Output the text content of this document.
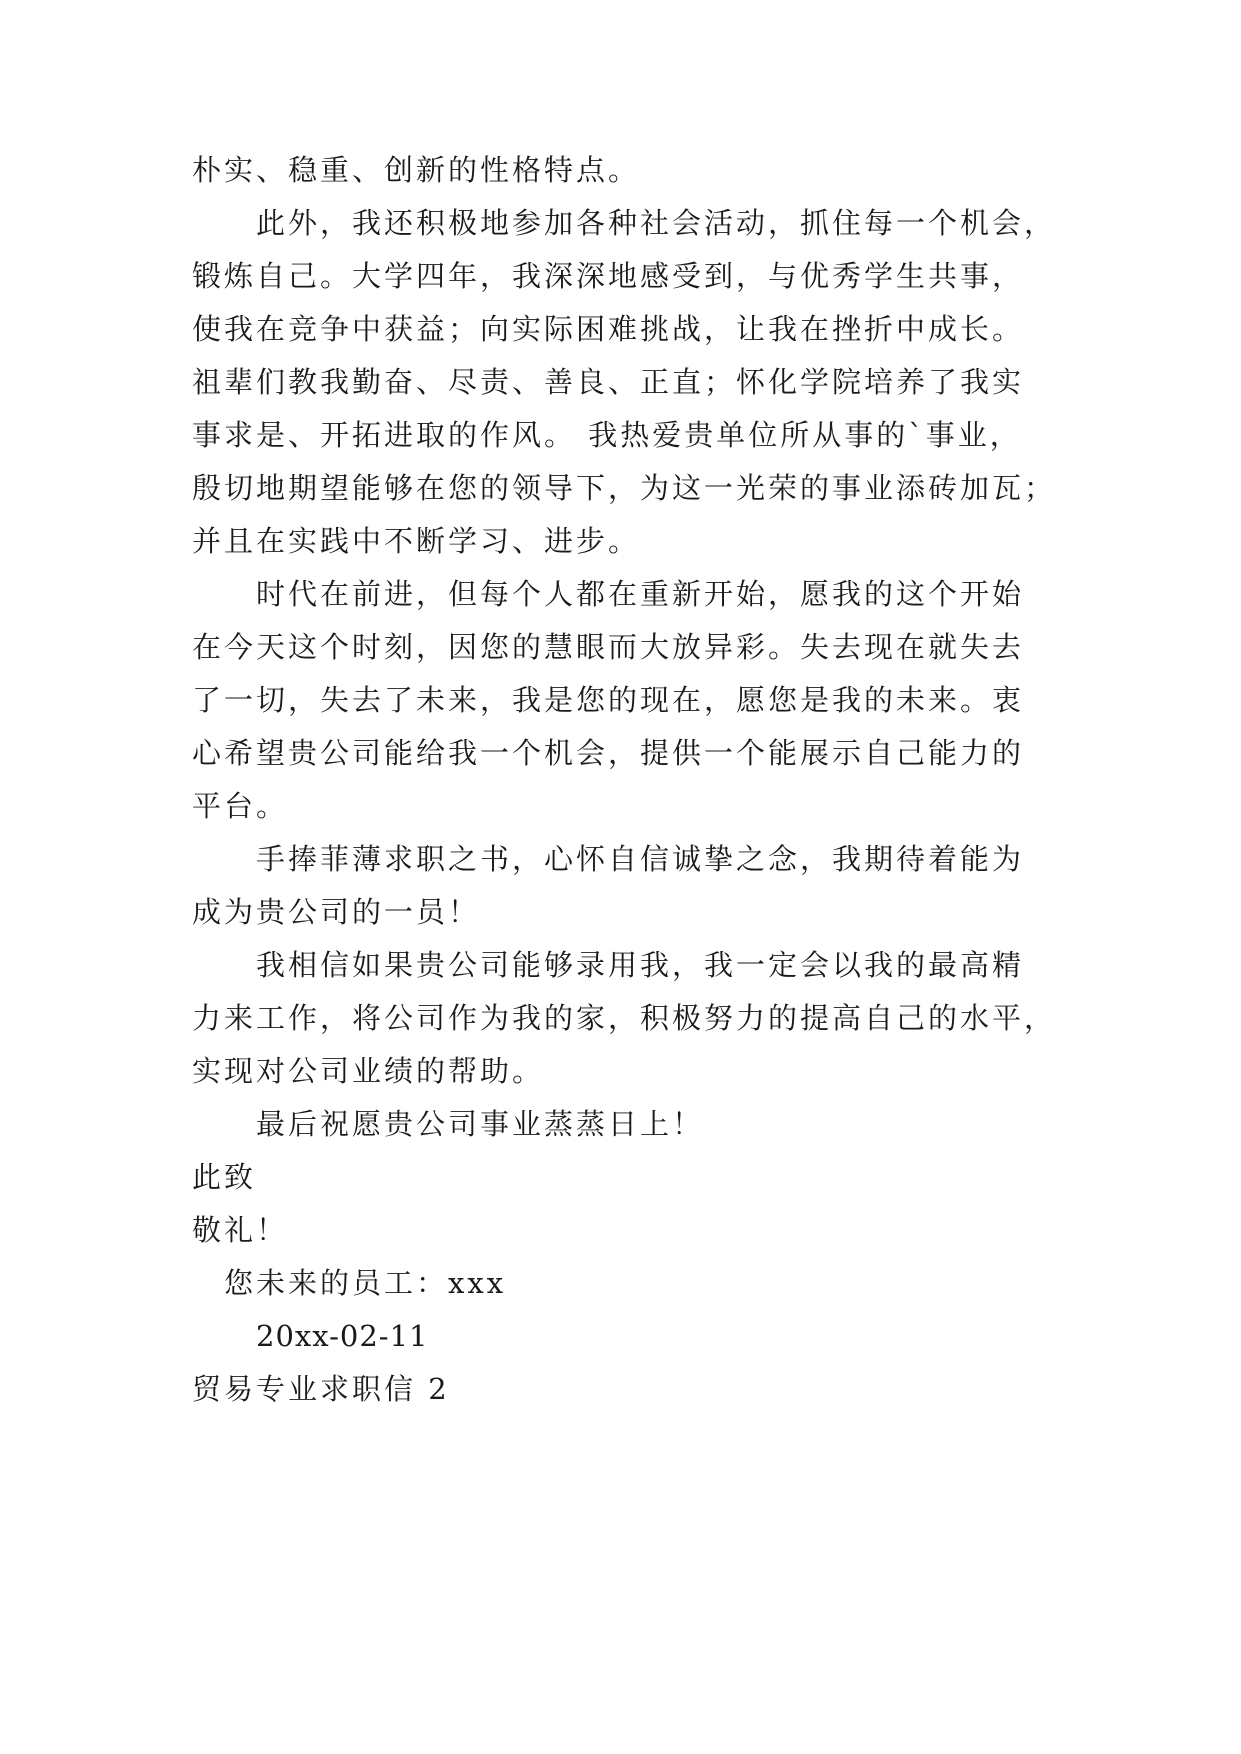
朴实、稳重、创新的性格特点。
此外，我还积极地参加各种社会活动，抓住每一个机会，
锻炼自己。大学四年，我深深地感受到，与优秀学生共事，
使我在竞争中获益；向实际困难挑战，让我在挫折中成长。
祖辈们教我勤奋、尽责、善良、正直；怀化学院培养了我实
事求是、开拓进取的作风。 我热爱贵单位所从事的`事业，
殷切地期望能够在您的领导下，为这一光荣的事业添砖加瓦；
并且在实践中不断学习、进步。
时代在前进，但每个人都在重新开始，愿我的这个开始
在今天这个时刻，因您的慧眼而大放异彩。失去现在就失去
了一切，失去了未来，我是您的现在，愿您是我的未来。衷
心希望贵公司能给我一个机会，提供一个能展示自己能力的
平台。
手捧菲薄求职之书，心怀自信诚挚之念，我期待着能为
成为贵公司的一员！
我相信如果贵公司能够录用我，我一定会以我的最高精
力来工作，将公司作为我的家，积极努力的提高自己的水平，
实现对公司业绩的帮助。
最后祝愿贵公司事业蒸蒸日上！
此致
敬礼！
您未来的员工：xxx
20xx-02-11
贸易专业求职信 2
